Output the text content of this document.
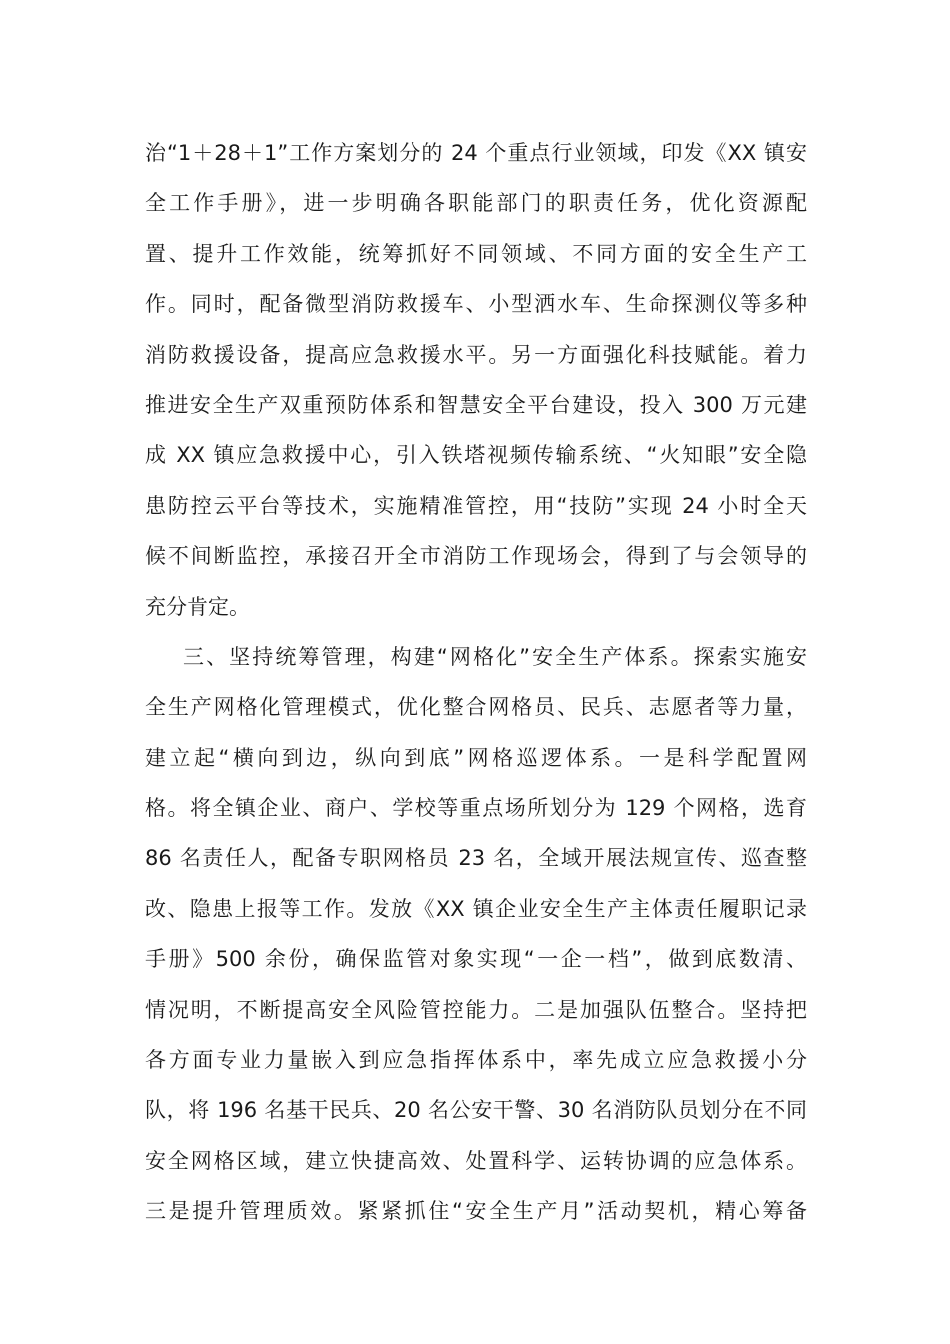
治“1＋28＋1”工作方案划分的 24 个重点行业领域，印发《XX 镇安
全工作手册》，进一步明确各职能部门的职责任务，优化资源配
置、提升工作效能，统筹抓好不同领域、不同方面的安全生产工
作。同时，配备微型消防救援车、小型洒水车、生命探测仪等多种
消防救援设备，提高应急救援水平。另一方面强化科技赋能。着力
推进安全生产双重预防体系和智慧安全平台建设，投入 300 万元建
成 XX 镇应急救援中心，引入铁塔视频传输系统、“火知眼”安全隐
患防控云平台等技术，实施精准管控，用“技防”实现 24 小时全天
候不间断监控，承接召开全市消防工作现场会，得到了与会领导的
充分肯定。
三、坚持统筹管理，构建“网格化”安全生产体系。探索实施安
全生产网格化管理模式，优化整合网格员、民兵、志愿者等力量，
建立起“横向到边，纵向到底”网格巡逻体系。一是科学配置网
格。将全镇企业、商户、学校等重点场所划分为 129 个网格，选育
86 名责任人，配备专职网格员 23 名，全域开展法规宣传、巡查整
改、隐患上报等工作。发放《XX 镇企业安全生产主体责任履职记录
手册》500 余份，确保监管对象实现“一企一档”，做到底数清、
情况明，不断提高安全风险管控能力。二是加强队伍整合。坚持把
各方面专业力量嵌入到应急指挥体系中，率先成立应急救援小分
队，将 196 名基干民兵、20 名公安干警、30 名消防队员划分在不同
安全网格区域，建立快捷高效、处置科学、运转协调的应急体系。
三是提升管理质效。紧紧抓住“安全生产月”活动契机，精心筹备
